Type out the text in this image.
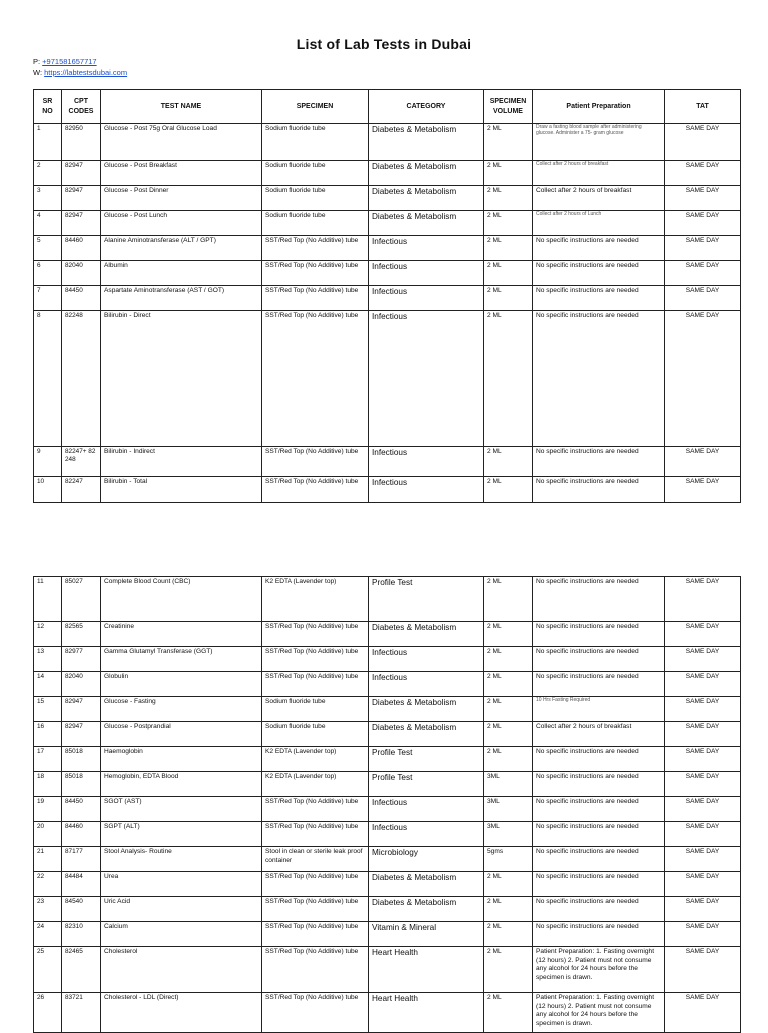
List of Lab Tests in Dubai
P: +971581657717
W: https://labtestsdubai.com
SR NO	CPT CODES	TEST NAME	SPECIMEN	CATEGORY	SPECIMEN VOLUME	Patient Preparation	TAT
1	82950	Glucose - Post 75g Oral Glucose Load	Sodium fluoride tube	Diabetes & Metabolism	2 ML	Draw a fasting blood sample after administering glucose. Administer a 75- gram glucose	SAME DAY
2	82947	Glucose - Post Breakfast	Sodium fluoride tube	Diabetes & Metabolism	2 ML	Collect after 2 hours of breakfast	SAME DAY
3	82947	Glucose - Post Dinner	Sodium fluoride tube	Diabetes & Metabolism	2 ML	Collect after 2 hours of breakfast	SAME DAY
4	82947	Glucose - Post Lunch	Sodium fluoride tube	Diabetes & Metabolism	2 ML	Collect after 2 hours of Lunch	SAME DAY
5	84460	Alanine Aminotransferase (ALT / GPT)	SST/Red Top (No Additive) tube	Infectious	2 ML	No specific instructions are needed	SAME DAY
6	82040	Albumin	SST/Red Top (No Additive) tube	Infectious	2 ML	No specific instructions are needed	SAME DAY
7	84450	Aspartate Aminotransferase (AST / GOT)	SST/Red Top (No Additive) tube	Infectious	2 ML	No specific instructions are needed	SAME DAY
8	82248	Bilirubin - Direct	SST/Red Top (No Additive) tube	Infectious	2 ML	No specific instructions are needed	SAME DAY
9	82247+ 82 248	Bilirubin - Indirect	SST/Red Top (No Additive) tube	Infectious	2 ML	No specific instructions are needed	SAME DAY
10	82247	Bilirubin - Total	SST/Red Top (No Additive) tube	Infectious	2 ML	No specific instructions are needed	SAME DAY
11	85027	Complete Blood Count (CBC)	K2 EDTA (Lavender top)	Profile Test	2 ML	No specific instructions are needed	SAME DAY
12	82565	Creatinine	SST/Red Top (No Additive) tube	Diabetes & Metabolism	2 ML	No specific instructions are needed	SAME DAY
13	82977	Gamma Glutamyl Transferase (GGT)	SST/Red Top (No Additive) tube	Infectious	2 ML	No specific instructions are needed	SAME DAY
14	82040	Globulin	SST/Red Top (No Additive) tube	Infectious	2 ML	No specific instructions are needed	SAME DAY
15	82947	Glucose - Fasting	Sodium fluoride tube	Diabetes & Metabolism	2 ML	10 Hrs Fasting Required	SAME DAY
16	82947	Glucose - Postprandial	Sodium fluoride tube	Diabetes & Metabolism	2 ML	Collect after 2 hours of breakfast	SAME DAY
17	85018	Haemoglobin	K2 EDTA (Lavender top)	Profile Test	2 ML	No specific instructions are needed	SAME DAY
18	85018	Hemoglobin, EDTA Blood	K2 EDTA (Lavender top)	Profile Test	3ML	No specific instructions are needed	SAME DAY
19	84450	SGOT (AST)	SST/Red Top (No Additive) tube	Infectious	3ML	No specific instructions are needed	SAME DAY
20	84460	SGPT (ALT)	SST/Red Top (No Additive) tube	Infectious	3ML	No specific instructions are needed	SAME DAY
21	87177	Stool Analysis- Routine	Stool in clean or sterile leak proof container	Microbiology	5gms	No specific instructions are needed	SAME DAY
22	84484	Urea	SST/Red Top (No Additive) tube	Diabetes & Metabolism	2 ML	No specific instructions are needed	SAME DAY
23	84540	Uric Acid	SST/Red Top (No Additive) tube	Diabetes & Metabolism	2 ML	No specific instructions are needed	SAME DAY
24	82310	Calcium	SST/Red Top (No Additive) tube	Vitamin & Mineral	2 ML	No specific instructions are needed	SAME DAY
25	82465	Cholesterol	SST/Red Top (No Additive) tube	Heart Health	2 ML	Patient Preparation: 1. Fasting overnight (12 hours) 2. Patient must not consume any alcohol for 24 hours before the specimen is drawn.	SAME DAY
26	83721	Cholesterol - LDL (Direct)	SST/Red Top (No Additive) tube	Heart Health	2 ML	Patient Preparation: 1. Fasting overnight (12 hours) 2. Patient must not consume any alcohol for 24 hours before the specimen is drawn.	SAME DAY
